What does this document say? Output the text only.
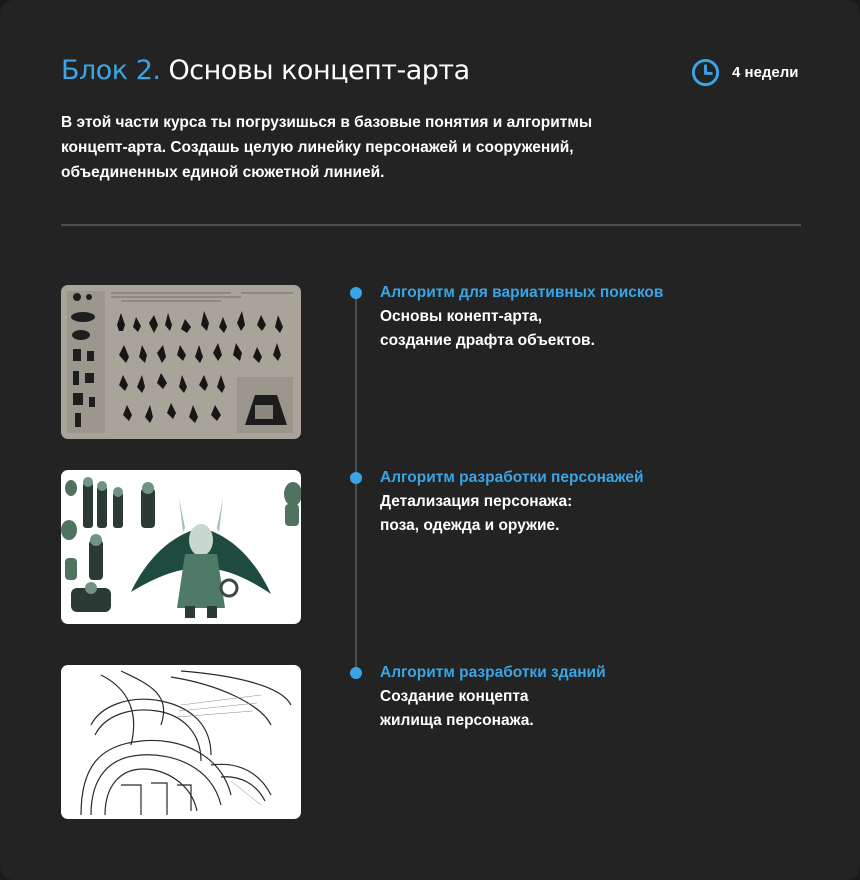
Блок 2. Основы концепт-арта	4 недели

В этой части курса ты погрузишься в базовые понятия и алгоритмы
концепт-арта. Создашь целую линейку персонажей и сооружений,
объединенных единой сюжетной линией.

Алгоритм для вариативных поисков
Основы конепт-арта,
создание драфта объектов.
Алгоритм разработки персонажей
Детализация персонажа:
поза, одежда и оружие.
Алгоритм разработки зданий
Создание концепта
жилища персонажа.
